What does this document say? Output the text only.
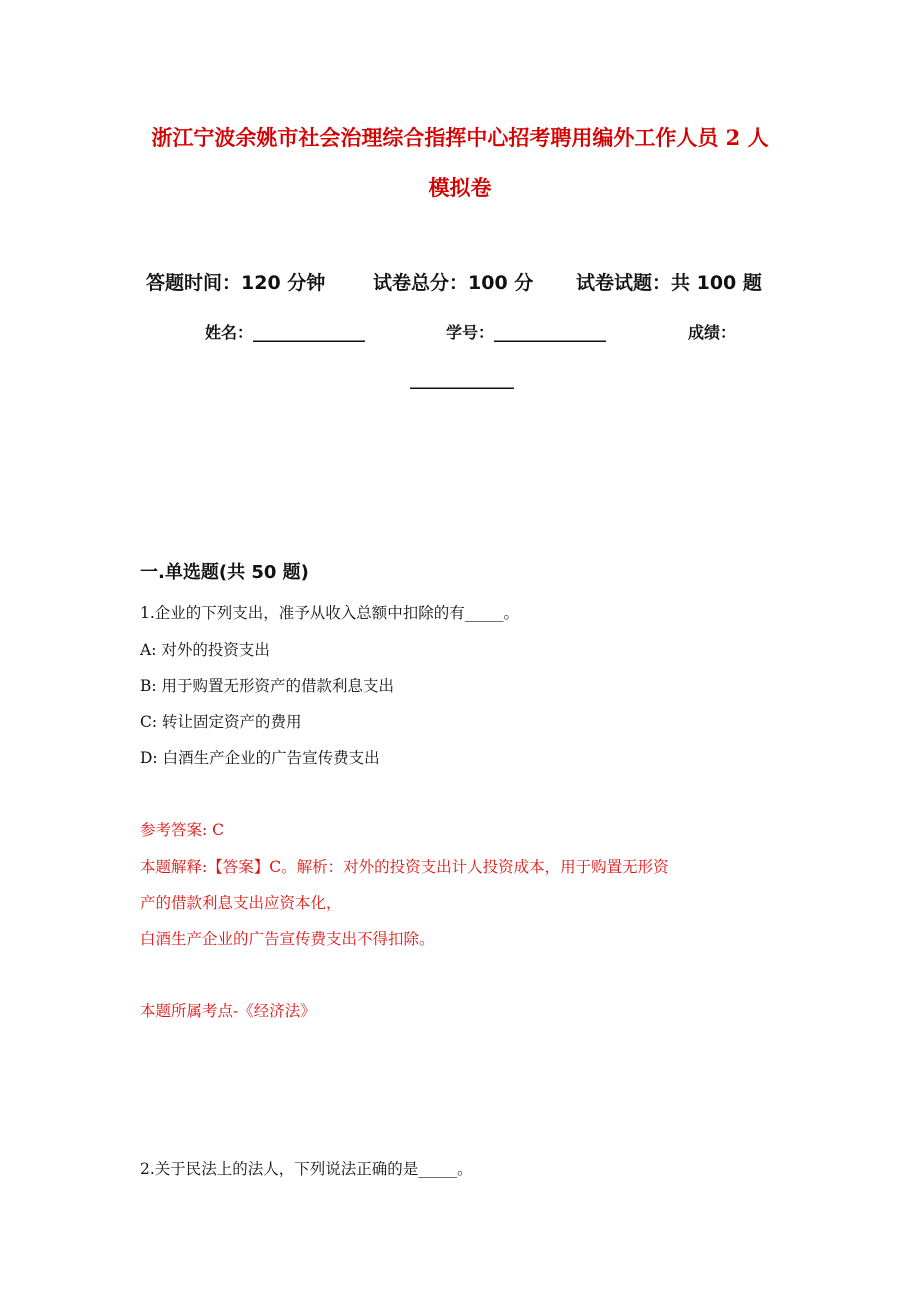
浙江宁波余姚市社会治理综合指挥中心招考聘用编外工作人员 2 人
模拟卷
答题时间：120 分钟	试卷总分：100 分 试卷试题：共 100 题
姓名：______________	学号：______________	成绩：
_____________
一.单选题(共 50 题)
1.企业的下列支出，准予从收入总额中扣除的有_____。
A: 对外的投资支出
B: 用于购置无形资产的借款利息支出
C: 转让固定资产的费用
D: 白酒生产企业的广告宣传费支出
参考答案: C
本题解释:【答案】C。解析：对外的投资支出计人投资成本，用于购置无形资
产的借款利息支出应资本化，
白酒生产企业的广告宣传费支出不得扣除。
本题所属考点-《经济法》
2.关于民法上的法人，下列说法正确的是_____。
